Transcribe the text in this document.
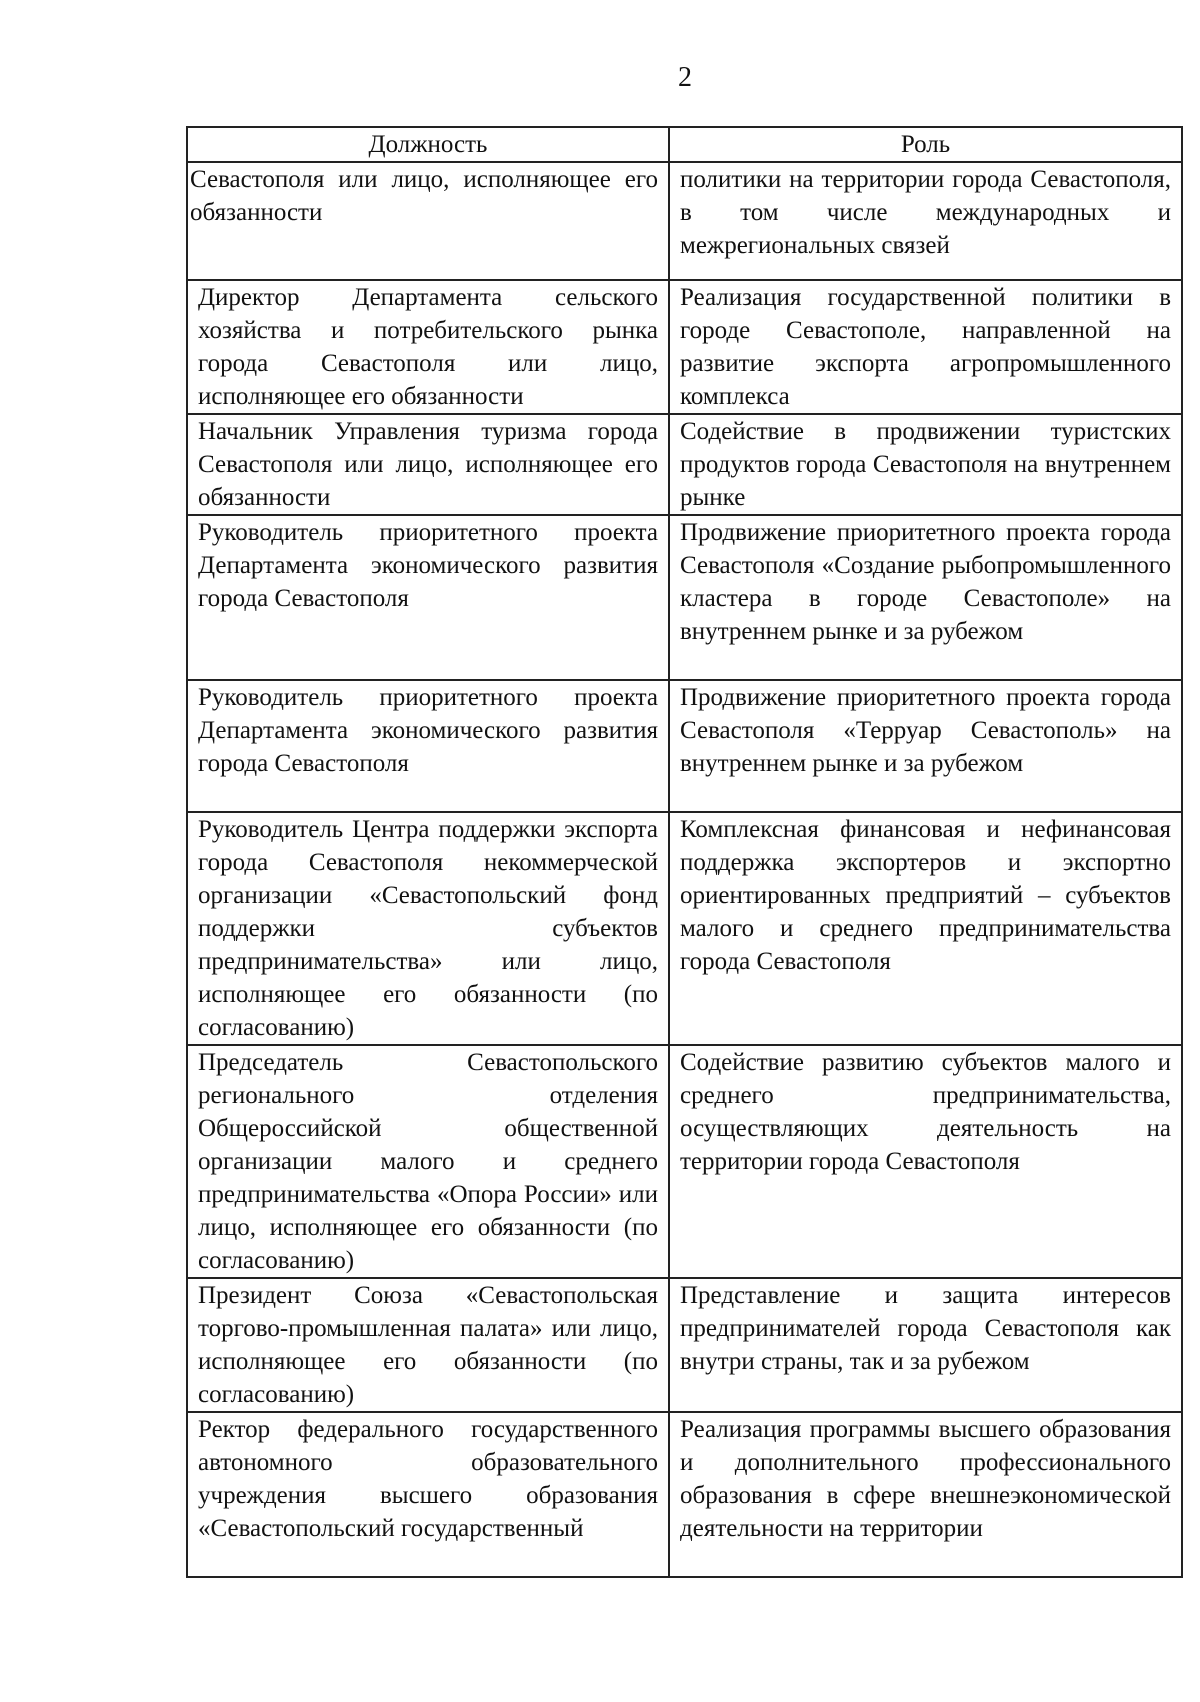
2
Должность	Роль
Севастополя или лицо, исполняющее его обязанности	политики на территории города Севастополя, в том числе международных и межрегиональных связей
Директор Департамента сельского хозяйства и потребительского рынка города Севастополя или лицо, исполняющее его обязанности	Реализация государственной политики в городе Севастополе, направленной на развитие экспорта агропромышленного комплекса
Начальник Управления туризма города Севастополя или лицо, исполняющее его обязанности	Содействие в продвижении туристских продуктов города Севастополя на внутреннем рынке
Руководитель приоритетного проекта Департамента экономического развития города Севастополя	Продвижение приоритетного проекта города Севастополя «Создание рыбопромышленного кластера в городе Севастополе» на внутреннем рынке и за рубежом
Руководитель приоритетного проекта Департамента экономического развития города Севастополя	Продвижение приоритетного проекта города Севастополя «Терруар Севастополь» на внутреннем рынке и за рубежом
Руководитель Центра поддержки экспорта города Севастополя некоммерческой организации «Севастопольский фонд поддержки субъектов предпринимательства» или лицо, исполняющее его обязанности (по согласованию)	Комплексная финансовая и нефинансовая поддержка экспортеров и экспортно ориентированных предприятий – субъектов малого и среднего предпринимательства города Севастополя
Председатель Севастопольского регионального отделения Общероссийской общественной организации малого и среднего предпринимательства «Опора России» или лицо, исполняющее его обязанности (по согласованию)	Содействие развитию субъектов малого и среднего предпринимательства, осуществляющих деятельность на территории города Севастополя
Президент Союза «Севастопольская торгово-промышленная палата» или лицо, исполняющее его обязанности (по согласованию)	Представление и защита интересов предпринимателей города Севастополя как внутри страны, так и за рубежом
Ректор федерального государственного автономного образовательного учреждения высшего образования «Севастопольский государственный	Реализация программы высшего образования и дополнительного профессионального образования в сфере внешнеэкономической деятельности на территории
